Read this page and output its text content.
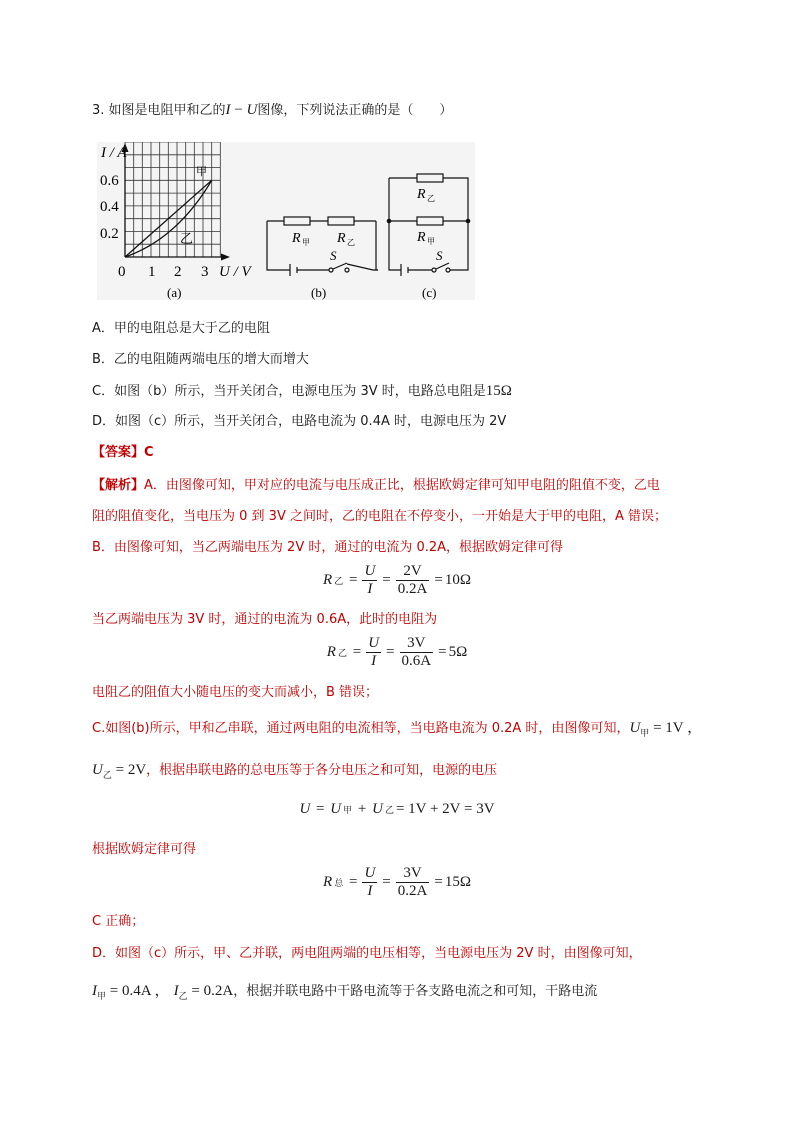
3. 如图是电阻甲和乙的I − U图像，下列说法正确的是（　　）
I / A
0.6
0.4
0.2
0 1 2 3 U / V
甲
乙
(a)
R 甲 R 乙
S
(b)
R 乙
R 甲
S
(c)
A．甲的电阻总是大于乙的电阻
B．乙的电阻随两端电压的增大而增大
C．如图（b）所示，当开关闭合，电源电压为 3V 时，电路总电阻是15Ω
D．如图（c）所示，当开关闭合，电路电流为 0.4A 时，电源电压为 2V
【答案】C
【解析】A．由图像可知，甲对应的电流与电压成正比，根据欧姆定律可知甲电阻的阻值不变，乙电
阻的阻值变化，当电压为 0 到 3V 之间时，乙的电阻在不停变小，一开始是大于甲的电阻，A 错误；
B．由图像可知，当乙两端电压为 2V 时，通过的电流为 0.2A，根据欧姆定律可得
R 乙 = $\frac{U}{I} = \frac{2V}{0.2A} = 10\Omega$
当乙两端电压为 3V 时，通过的电流为 0.6A，此时的电阻为
R 乙 = $\frac{U}{I} = \frac{3V}{0.6A} = 5\Omega$
电阻乙的阻值大小随电压的变大而减小，B 错误；
C.如图(b)所示，甲和乙串联，通过两电阻的电流相等，当电路电流为 0.2A 时，由图像可知，$U_甲 = 1V$ ，
$U_乙 = 2V$，根据串联电路的总电压等于各分电压之和可知，电源的电压
U = U 甲 + U 乙 = 1V + 2V = 3V
根据欧姆定律可得
R 总 = $\frac{U}{I} = \frac{3V}{0.2A} = 15\Omega$
C 正确；
D．如图（c）所示，甲、乙并联，两电阻两端的电压相等，当电源电压为 2V 时，由图像可知，
$I_甲 = 0.4A$ ， $I_乙 = 0.2A$，根据并联电路中干路电流等于各支路电流之和可知，干路电流
